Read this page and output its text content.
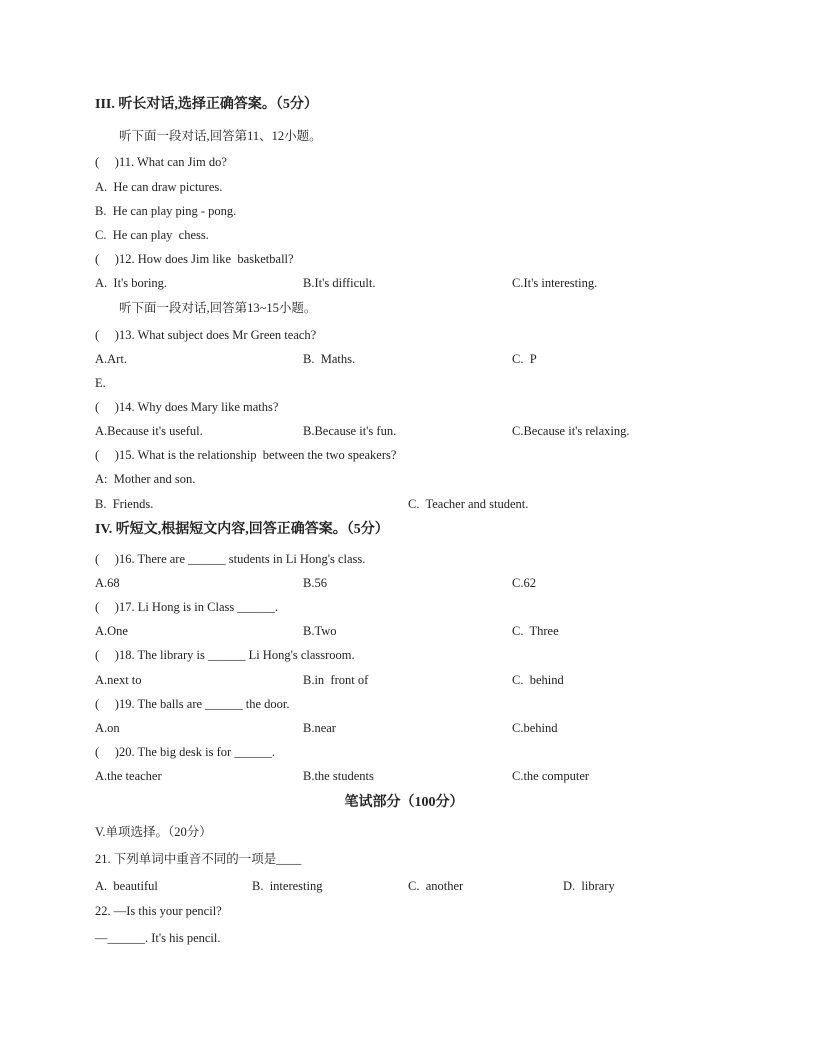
III. 听长对话,选择正确答案。（5分）
听下面一段对话,回答第11、12小题。
(     )11. What can Jim do?
A.  He can draw pictures.
B.  He can play ping - pong.
C.  He can play  chess.
(     )12. How does Jim like  basketball?
A.  It's boring.	B.It's difficult.	C.It's interesting.
听下面一段对话,回答第13~15小题。
(     )13. What subject does Mr Green teach?
A.Art.	B.  Maths.	C.  P
E.
(     )14. Why does Mary like maths?
A.Because it's useful.	B.Because it's fun.	C.Because it's relaxing.
(     )15. What is the relationship  between the two speakers?
A:  Mother and son.
B.  Friends.	C.  Teacher and student.
IV. 听短文,根据短文内容,回答正确答案。（5分）
(     )16. There are ______ students in Li Hong's class.
A.68	B.56	C.62
(     )17. Li Hong is in Class ______.
A.One	B.Two	C.  Three
(     )18. The library is ______ Li Hong's classroom.
A.next to	B.in  front of	C.  behind
(     )19. The balls are ______ the door.
A.on	B.near	C.behind
(     )20. The big desk is for ______.
A.the teacher	B.the students	C.the computer
笔试部分（100分）
V.单项选择。（20分）
21. 下列单词中重音不同的一项是____
A.  beautiful	B.  interesting	C.  another	D.  library
22. —Is this your pencil?
—______. It's his pencil.
